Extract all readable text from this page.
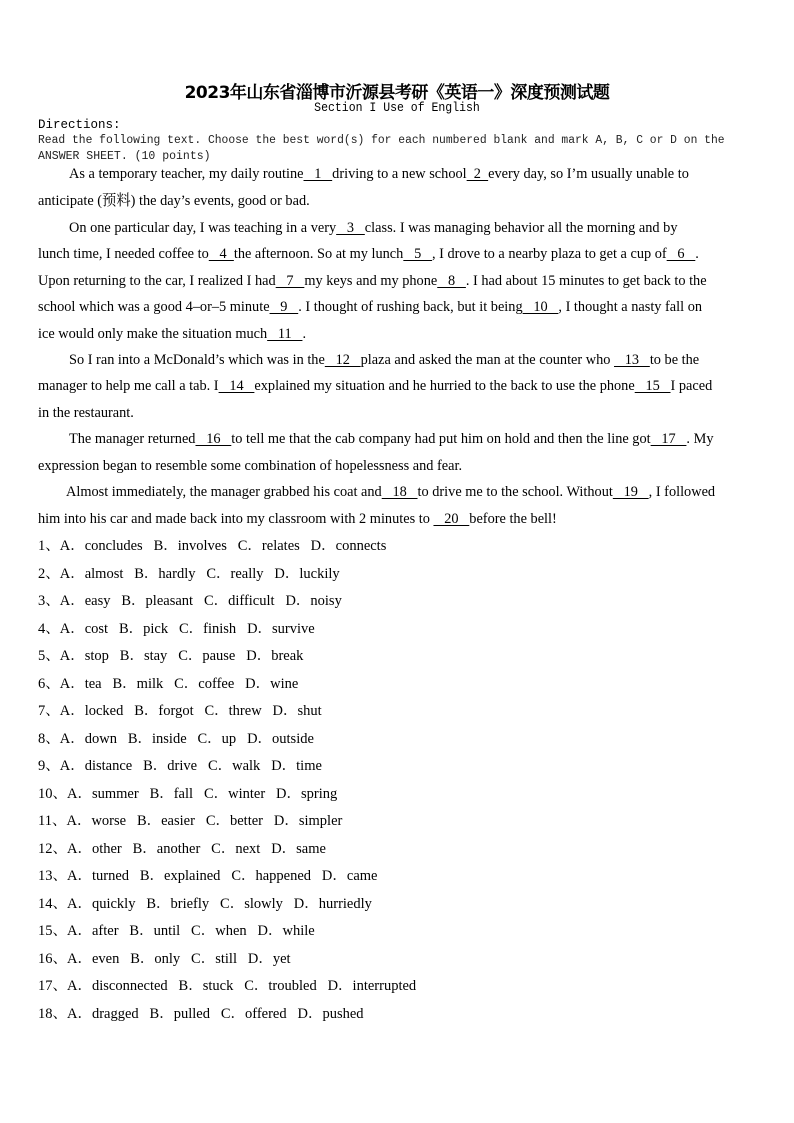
2023年山东省淄博市沂源县考研《英语一》深度预测试题
Section I Use of English
Directions:
Read the following text. Choose the best word(s) for each numbered blank and mark A, B, C or D on the
ANSWER SHEET. (10 points)
As a temporary teacher, my daily routine   1   driving to a new school  2  every day, so I’m usually unable to
anticipate (预料) the day’s events, good or bad.
On one particular day, I was teaching in a very   3   class. I was managing behavior all the morning and by
lunch time, I needed coffee to   4  the afternoon. So at my lunch   5   , I drove to a nearby plaza to get a cup of   6   .
Upon returning to the car, I realized I had   7   my keys and my phone   8   . I had about 15 minutes to get back to the
school which was a good 4–or–5 minute   9   . I thought of rushing back, but it being   10   , I thought a nasty fall on
ice would only make the situation much   11   .
So I ran into a McDonald’s which was in the   12   plaza and asked the man at the counter who    13   to be the
manager to help me call a tab. I   14   explained my situation and he hurried to the back to use the phone   15   I paced
in the restaurant.
The manager returned   16   to tell me that the cab company had put him on hold and then the line got   17   . My
expression began to resemble some combination of hopelessness and fear.
Almost immediately, the manager grabbed his coat and   18   to drive me to the school. Without   19   , I followed
him into his car and made back into my classroom with 2 minutes to    20   before the bell!
1、A．concludes B．involves C．relates D．connects
2、A．almost B．hardly C．really D．luckily
3、A．easy B．pleasant C．difficult D．noisy
4、A．cost B．pick C．finish D．survive
5、A．stop B．stay C．pause D．break
6、A．tea B．milk C．coffee D．wine
7、A．locked B．forgot C．threw D．shut
8、A．down B．inside C．up D．outside
9、A．distance B．drive C．walk D．time
10、A．summer B．fall C．winter D．spring
11、A．worse B．easier C．better D．simpler
12、A．other B．another C．next D．same
13、A．turned B．explained C．happened D．came
14、A．quickly B．briefly C．slowly D．hurriedly
15、A．after B．until C．when D．while
16、A．even B．only C．still D．yet
17、A．disconnected B．stuck C．troubled D．interrupted
18、A．dragged B．pulled C．offered D．pushed
